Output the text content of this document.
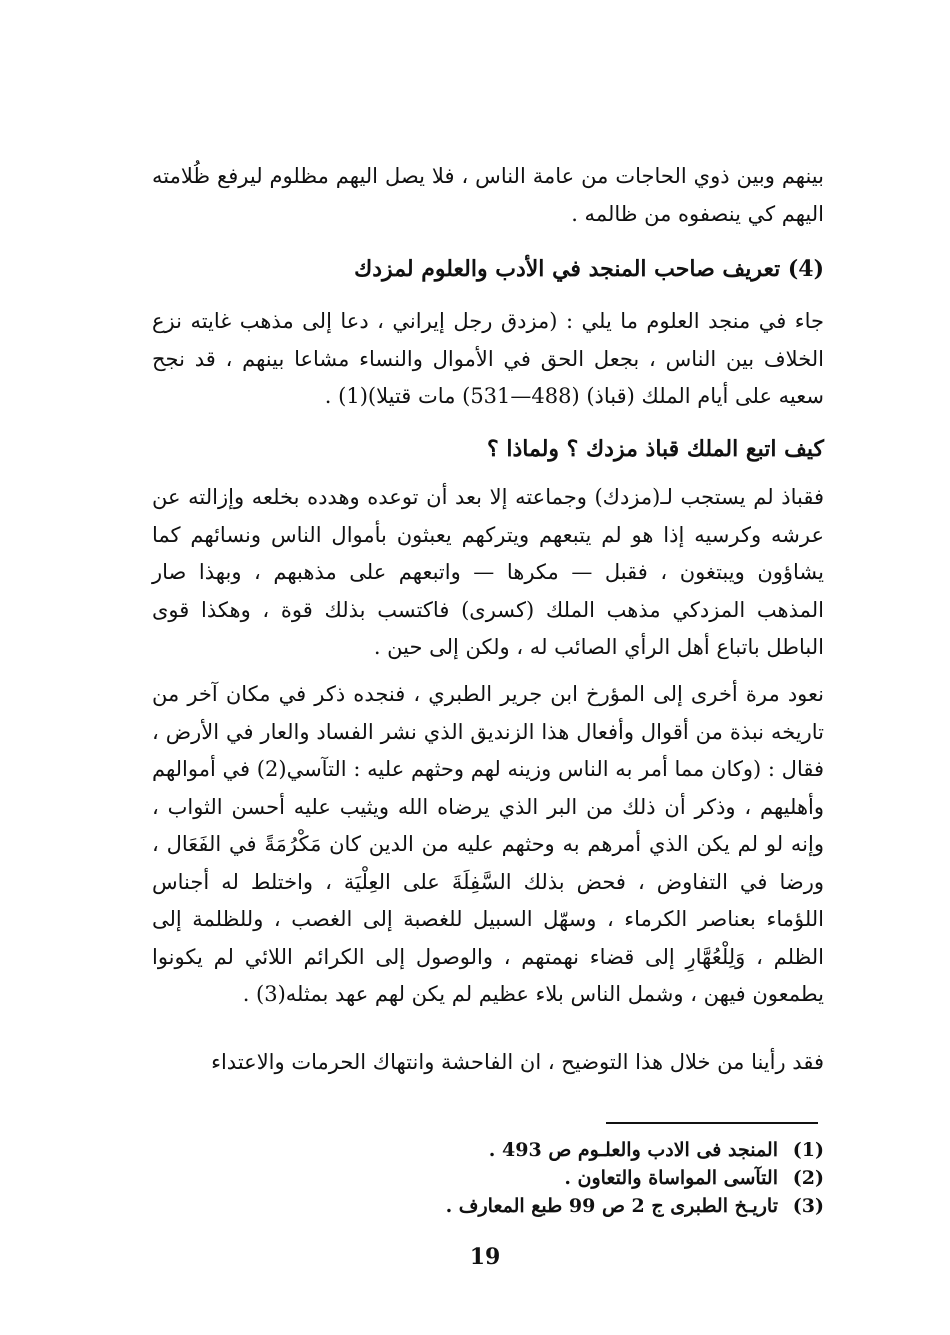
بينهم وبين ذوي الحاجات من عامة الناس ، فلا يصل اليهم مظلوم ليرفع ظُلامته اليهم كي ينصفوه من ظالمه .

(4) تعريف صاحب المنجد في الأدب والعلوم لمزدك

جاء في منجد العلوم ما يلي : (مزدق رجل إيراني ، دعا إلى مذهب غايته نزع الخلاف بين الناس ، بجعل الحق في الأموال والنساء مشاعا بينهم ، قد نجح سعيه على أيام الملك (قباذ) (488—531) مات قتيلا)(1) .

كيف اتبع الملك قباذ مزدك ؟ ولماذا ؟

فقباذ لم يستجب لـ(مزدك) وجماعته إلا بعد أن توعده وهدده بخلعه وإزالته عن عرشه وكرسيه إذا هو لم يتبعهم ويتركهم يعبثون بأموال الناس ونسائهم كما يشاؤون ويبتغون ، فقبل — مكرها — واتبعهم على مذهبهم ، وبهذا صار المذهب المزدكي مذهب الملك (كسرى) فاكتسب بذلك قوة ، وهكذا قوى الباطل باتباع أهل الرأي الصائب له ، ولكن إلى حين .

نعود مرة أخرى إلى المؤرخ ابن جرير الطبري ، فنجده ذكر في مكان آخر من تاريخه نبذة من أقوال وأفعال هذا الزنديق الذي نشر الفساد والعار في الأرض ، فقال : (وكان مما أمر به الناس وزينه لهم وحثهم عليه : التآسي(2) في أموالهم وأهليهم ، وذكر أن ذلك من البر الذي يرضاه الله ويثيب عليه أحسن الثواب ، وإنه لو لم يكن الذي أمرهم به وحثهم عليه من الدين كان مَكْرُمَةً في الفَعَال ، ورضا في التفاوض ، فحض بذلك السَّفِلَةَ على العِلْيَة ، واختلط له أجناس اللؤماء بعناصر الكرماء ، وسهّل السبيل للغصبة إلى الغصب ، وللظلمة إلى الظلم ، وَلِلْعُهَّارِ إلى قضاء نهمتهم ، والوصول إلى الكرائم اللائي لم يكونوا يطمعون فيهن ، وشمل الناس بلاء عظيم لم يكن لهم عهد بمثله(3) .

فقد رأينا من خلال هذا التوضيح ، ان الفاحشة وانتهاك الحرمات والاعتداء

(1)
المنجد فى الادب والعلـوم ص 493 .
(2)
التآسى المواساة والتعاون .
(3)
تاريـخ الطبرى ج 2 ص 99 طبع المعارف .
19
